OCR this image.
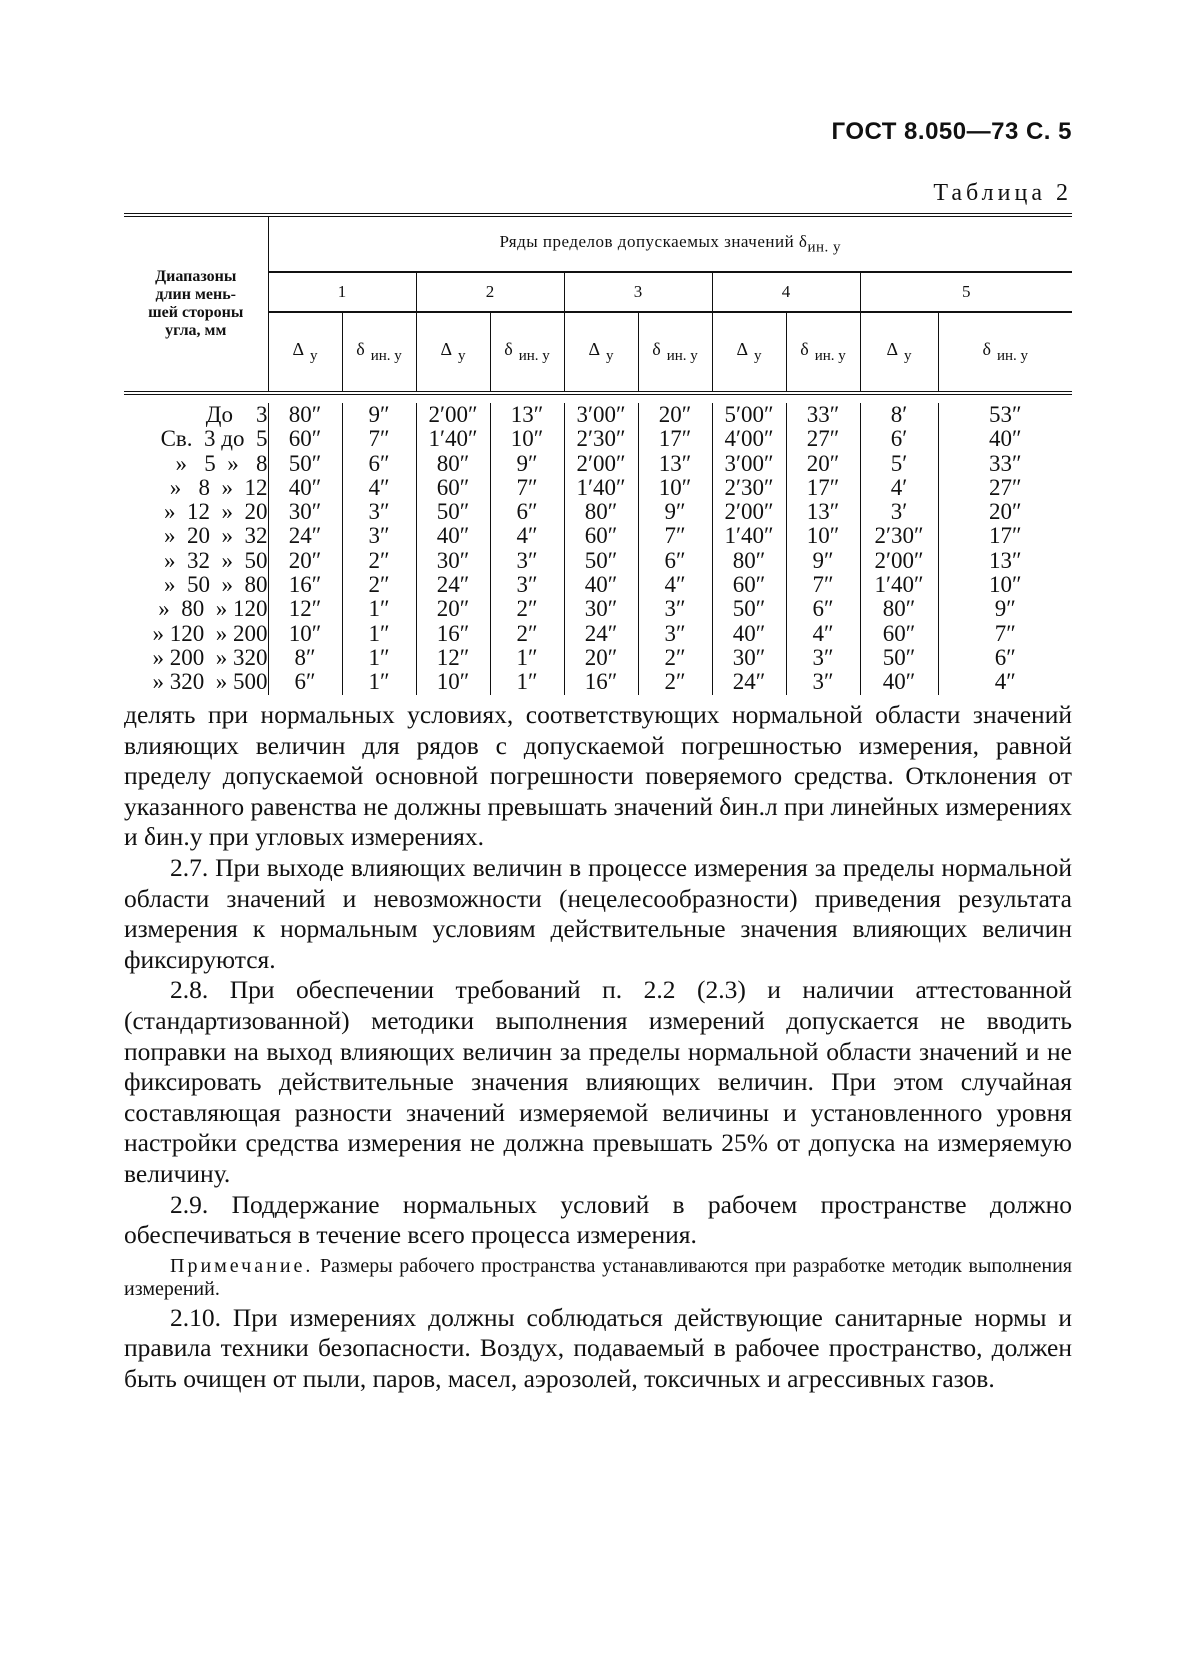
ГОСТ 8.050—73 С. 5
Таблица 2

Диапазоны
длин мень-
шей стороны
угла, мм	Ряды пределов допускаемых значений $\delta_{ин. у}$
	1		2		3		4		5	
	Δ $_у$	δ $_{ин. у}$	Δ $_у$	δ $_{ин. у}$	Δ $_у$	δ $_{ин. у}$	Δ $_у$	δ $_{ин. у}$	Δ $_у$	δ $_{ин. у}$

До    3	80″	9″	2′00″	13″	3′00″	20″	5′00″	33″	8′	53″
Св.  3 до  5	60″	7″	1′40″	10″	2′30″	17″	4′00″	27″	6′	40″
»   5  »   8	50″	6″	80″	9″	2′00″	13″	3′00″	20″	5′	33″
»   8  »  12	40″	4″	60″	7″	1′40″	10″	2′30″	17″	4′	27″
»  12  »  20	30″	3″	50″	6″	80″	9″	2′00″	13″	3′	20″
»  20  »  32	24″	3″	40″	4″	60″	7″	1′40″	10″	2′30″	17″
»  32  »  50	20″	2″	30″	3″	50″	6″	80″	9″	2′00″	13″
»  50  »  80	16″	2″	24″	3″	40″	4″	60″	7″	1′40″	10″
»  80  » 120	12″	1″	20″	2″	30″	3″	50″	6″	80″	9″
» 120  » 200	10″	1″	16″	2″	24″	3″	40″	4″	60″	7″
» 200  » 320	8″	1″	12″	1″	20″	2″	30″	3″	50″	6″
» 320  » 500	6″	1″	10″	1″	16″	2″	24″	3″	40″	4″

делять при нормальных условиях, соответствующих нормальной области значений влияющих величин для рядов с допускаемой погрешностью измерения, равной пределу допускаемой основной погрешности поверяемого средства. Отклонения от указанного равенства не должны превышать значений δин.л при линейных измерениях и δин.у при угловых измерениях.

2.7. При выходе влияющих величин в процессе измерения за пределы нормальной области значений и невозможности (нецелесообразности) приведения результата измерения к нормальным условиям действительные значения влияющих величин фиксируются.

2.8. При обеспечении требований п. 2.2 (2.3) и наличии аттестованной (стандартизованной) методики выполнения измерений допускается не вводить поправки на выход влияющих величин за пределы нормальной области значений и не фиксировать действительные значения влияющих величин. При этом случайная составляющая разности значений измеряемой величины и установленного уровня настройки средства измерения не должна превышать 25% от допуска на измеряемую величину.

2.9. Поддержание нормальных условий в рабочем пространстве должно обеспечиваться в течение всего процесса измерения.

Примечание. Размеры рабочего пространства устанавливаются при разработке методик выполнения измерений.

2.10. При измерениях должны соблюдаться действующие санитарные нормы и правила техники безопасности. Воздух, подаваемый в рабочее пространство, должен быть очищен от пыли, паров, масел, аэрозолей, токсичных и агрессивных газов.
